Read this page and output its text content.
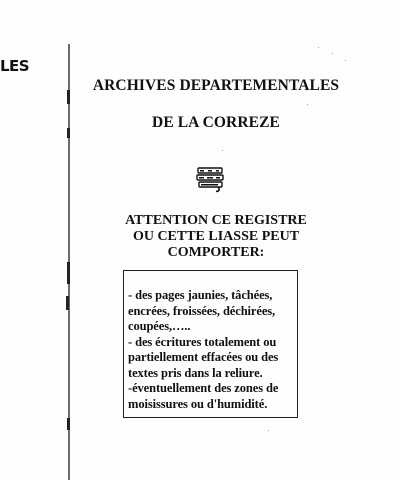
LES
ARCHIVES DEPARTEMENTALES
DE LA CORREZE
ATTENTION CE REGISTRE
OU CETTE LIASSE PEUT
COMPORTER:
- des pages jaunies, tâchées,
encrées, froissées, déchirées,
coupées,…..
- des écritures totalement ou
partiellement effacées ou des
textes pris dans la reliure.
-éventuellement des zones de
moisissures ou d'humidité.
